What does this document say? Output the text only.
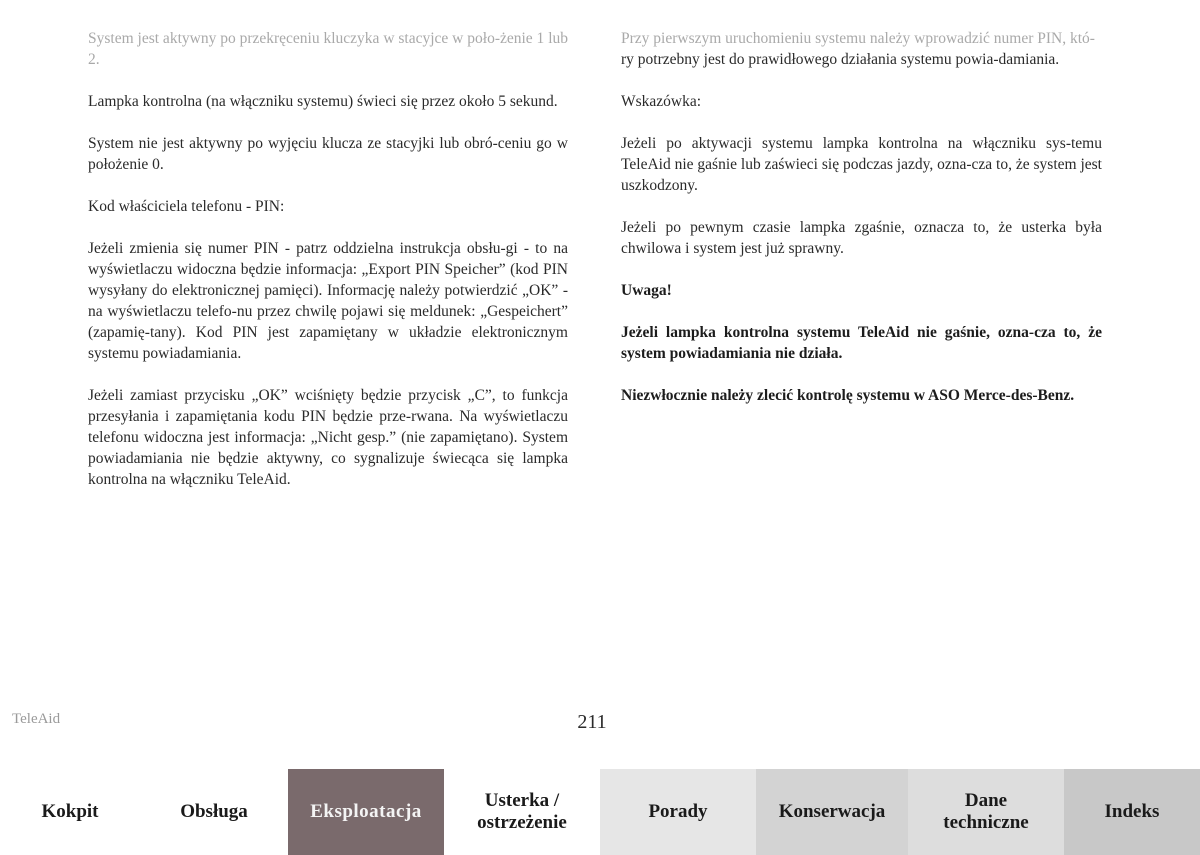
System jest aktywny po przekręceniu kluczyka w stacyjce w poło-żenie 1 lub 2.

Lampka kontrolna (na włączniku systemu) świeci się przez około 5 sekund.

System nie jest aktywny po wyjęciu klucza ze stacyjki lub obró-ceniu go w położenie 0.

Kod właściciela telefonu - PIN:

Jeżeli zmienia się numer PIN - patrz oddzielna instrukcja obsłu-gi - to na wyświetlaczu widoczna będzie informacja: „Export PIN Speicher” (kod PIN wysyłany do elektronicznej pamięci). Informację należy potwierdzić „OK” - na wyświetlaczu telefo-nu przez chwilę pojawi się meldunek: „Gespeichert” (zapamię-tany). Kod PIN jest zapamiętany w układzie elektronicznym systemu powiadamiania.

Jeżeli zamiast przycisku „OK” wciśnięty będzie przycisk „C”, to funkcja przesyłania i zapamiętania kodu PIN będzie prze-rwana. Na wyświetlaczu telefonu widoczna jest informacja: „Nicht gesp.” (nie zapamiętano). System powiadamiania nie będzie aktywny, co sygnalizuje świecąca się lampka kontrolna na włączniku TeleAid.

Przy pierwszym uruchomieniu systemu należy wprowadzić numer PIN, któ-

ry potrzebny jest do prawidłowego działania systemu powia-damiania.

Wskazówka:

Jeżeli po aktywacji systemu lampka kontrolna na włączniku sys-temu TeleAid nie gaśnie lub zaświeci się podczas jazdy, ozna-cza to, że system jest uszkodzony.

Jeżeli po pewnym czasie lampka zgaśnie, oznacza to, że usterka była chwilowa i system jest już sprawny.

Uwaga!

Jeżeli lampka kontrolna systemu TeleAid nie gaśnie, ozna-cza to, że system powiadamiania nie działa.

Niezwłocznie należy zlecić kontrolę systemu w ASO Merce-des-Benz.

TeleAid	211
Kokpit	Obsługa	Eksploatacja
Usterka /
ostrzeżenie
Porady	Konserwacja
Dane
techniczne
Indeks
